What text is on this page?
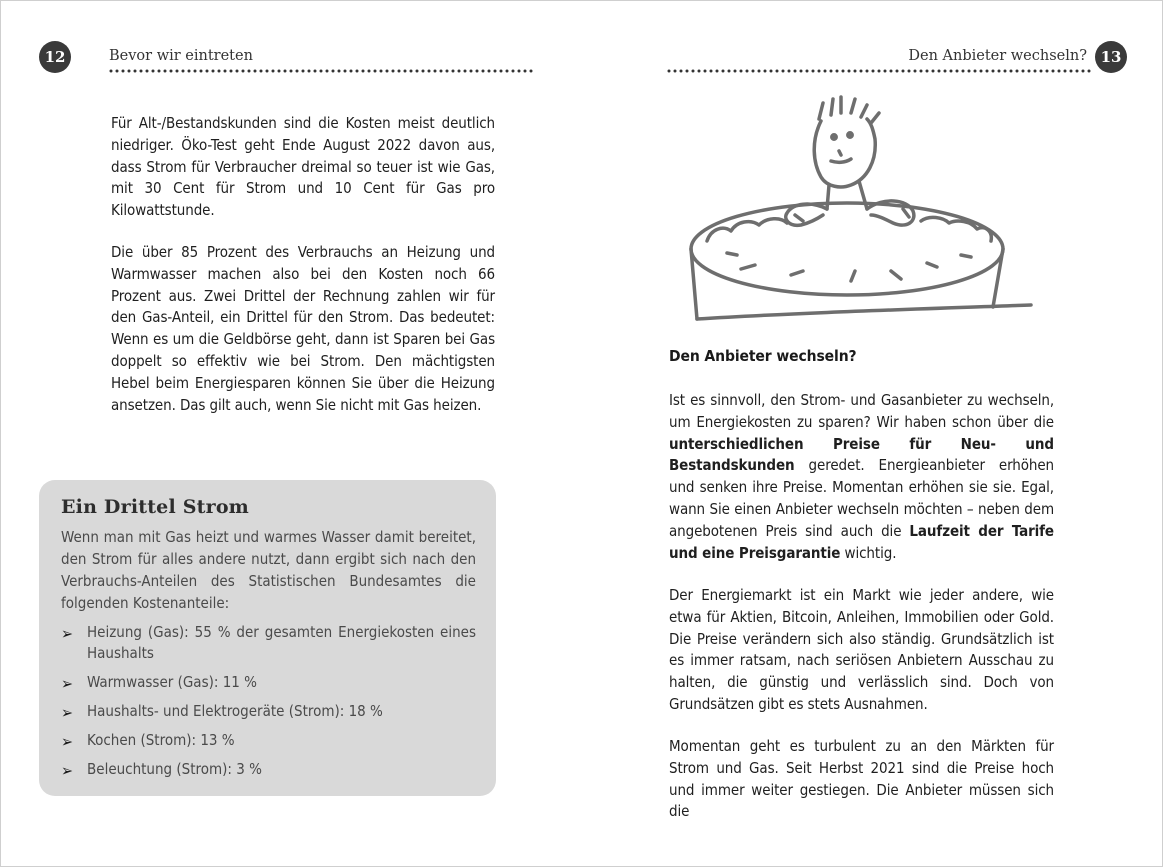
12	Bevor wir eintreten

Für Alt-/Bestandskunden sind die Kosten meist deutlich niedriger. Öko-Test geht Ende August 2022 davon aus, dass Strom für Verbraucher dreimal so teuer ist wie Gas, mit 30 Cent für Strom und 10 Cent für Gas pro Kilowattstunde.

Die über 85 Prozent des Verbrauchs an Heizung und Warmwasser machen also bei den Kosten noch 66 Prozent aus. Zwei Drittel der Rechnung zahlen wir für den Gas-Anteil, ein Drittel für den Strom. Das bedeutet: Wenn es um die Geldbörse geht, dann ist Sparen bei Gas doppelt so effektiv wie bei Strom. Den mächtigsten Hebel beim Energiesparen können Sie über die Heizung ansetzen. Das gilt auch, wenn Sie nicht mit Gas heizen.

Ein Drittel Strom

Wenn man mit Gas heizt und warmes Wasser damit bereitet, den Strom für alles andere nutzt, dann ergibt sich nach den Verbrauchs-Anteilen des Statistischen Bundesamtes die folgenden Kostenanteile:

➢ Heizung (Gas): 55 % der gesamten Energiekosten eines Haushalts
➢ Warmwasser (Gas): 11 %
➢ Haushalts- und Elektrogeräte (Strom): 18 %
➢ Kochen (Strom): 13 %
➢ Beleuchtung (Strom): 3 %
13
Den Anbieter wechseln?

Den Anbieter wechseln?

Ist es sinnvoll, den Strom- und Gasanbieter zu wechseln, um Energiekosten zu sparen? Wir haben schon über die unterschiedlichen Preise für Neu- und Bestandskunden geredet. Energieanbieter erhöhen und senken ihre Preise. Momentan erhöhen sie sie. Egal, wann Sie einen Anbieter wechseln möchten – neben dem angebotenen Preis sind auch die Laufzeit der Tarife und eine Preisgarantie wichtig.

Der Energiemarkt ist ein Markt wie jeder andere, wie etwa für Aktien, Bitcoin, Anleihen, Immobilien oder Gold. Die Preise verändern sich also ständig. Grundsätzlich ist es immer ratsam, nach seriösen Anbietern Ausschau zu halten, die günstig und verlässlich sind. Doch von Grundsätzen gibt es stets Ausnahmen.

Momentan geht es turbulent zu an den Märkten für Strom und Gas. Seit Herbst 2021 sind die Preise hoch und immer weiter gestiegen. Die Anbieter müssen sich die
